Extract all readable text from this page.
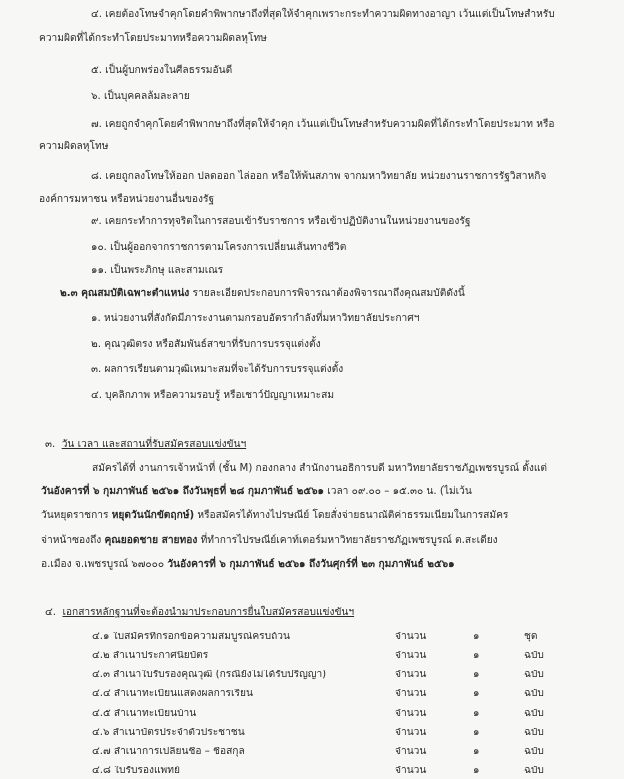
๔. เคยต้องโทษจำคุกโดยคำพิพากษาถึงที่สุดให้จำคุกเพราะกระทำความผิดทางอาญา เว้นแต่เป็นโทษสำหรับ
ความผิดที่ได้กระทำโดยประมาทหรือความผิดลหุโทษ
๕. เป็นผู้บกพร่องในศีลธรรมอันดี
๖. เป็นบุคคลล้มละลาย
๗. เคยถูกจำคุกโดยคำพิพากษาถึงที่สุดให้จำคุก เว้นแต่เป็นโทษสำหรับความผิดที่ได้กระทำโดยประมาท หรือ
ความผิดลหุโทษ
๘. เคยถูกลงโทษให้ออก ปลดออก ไล่ออก หรือให้พ้นสภาพ จากมหาวิทยาลัย หน่วยงานราชการรัฐวิสาหกิจ
องค์การมหาชน หรือหน่วยงานอื่นของรัฐ
๙. เคยกระทำการทุจริตในการสอบเข้ารับราชการ หรือเข้าปฏิบัติงานในหน่วยงานของรัฐ
๑๐. เป็นผู้ออกจากราชการตามโครงการเปลี่ยนเส้นทางชีวิต
๑๑. เป็นพระภิกษุ และสามเณร
๒.๓ คุณสมบัติเฉพาะตำแหน่ง รายละเอียดประกอบการพิจารณาต้องพิจารณาถึงคุณสมบัติดังนี้
๑. หน่วยงานที่สังกัดมีภาระงานตามกรอบอัตรากำลังที่มหาวิทยาลัยประกาศฯ
๒. คุณวุฒิตรง หรือสัมพันธ์สาขาที่รับการบรรจุแต่งตั้ง
๓. ผลการเรียนตามวุฒิเหมาะสมที่จะได้รับการบรรจุแต่งตั้ง
๔. บุคลิกภาพ หรือความรอบรู้ หรือเชาว์ปัญญาเหมาะสม
๓. วัน เวลา และสถานที่รับสมัครสอบแข่งขันฯ
สมัครได้ที่ งานการเจ้าหน้าที่ (ชั้น M) กองกลาง สำนักงานอธิการบดี มหาวิทยาลัยราชภัฏเพชรบูรณ์ ตั้งแต่
วันอังคารที่ ๖ กุมภาพันธ์ ๒๕๖๑ ถึงวันพุธที่ ๒๘ กุมภาพันธ์ ๒๕๖๑ เวลา ๐๙.๐๐ – ๑๕.๓๐ น. (ไม่เว้น
วันหยุดราชการ หยุดวันนักขัตฤกษ์) หรือสมัครได้ทางไปรษณีย์ โดยสั่งจ่ายธนาณัติค่าธรรมเนียมในการสมัคร
จ่าหน้าซองถึง คุณยอดชาย สายทอง ที่ทำการไปรษณีย์เคาท์เตอร์มหาวิทยาลัยราชภัฏเพชรบูรณ์ ต.สะเดียง
อ.เมือง จ.เพชรบูรณ์ ๖๗๐๐๐ วันอังคารที่ ๖ กุมภาพันธ์ ๒๕๖๑ ถึงวันศุกร์ที่ ๒๓ กุมภาพันธ์ ๒๕๖๑
๔. เอกสารหลักฐานที่จะต้องนำมาประกอบการยื่นใบสมัครสอบแข่งขันฯ
๔.๑ ใบสมัครที่กรอกข้อความสมบูรณ์ครบถ้วน	จำนวน	๑	ชุด
๔.๒ สำเนาประกาศนียบัตร	จำนวน	๑	ฉบับ
๔.๓ สำเนาใบรับรองคุณวุฒิ (กรณียังไม่ได้รับปริญญา)	จำนวน	๑	ฉบับ
๔.๔ สำเนาทะเบียนแสดงผลการเรียน	จำนวน	๑	ฉบับ
๔.๕ สำเนาทะเบียนบ้าน	จำนวน	๑	ฉบับ
๔.๖ สำเนาบัตรประจำตัวประชาชน	จำนวน	๑	ฉบับ
๔.๗ สำเนาการเปลี่ยนชื่อ – ชื่อสกุล	จำนวน	๑	ฉบับ
๔.๘ ใบรับรองแพทย์	จำนวน	๑	ฉบับ
